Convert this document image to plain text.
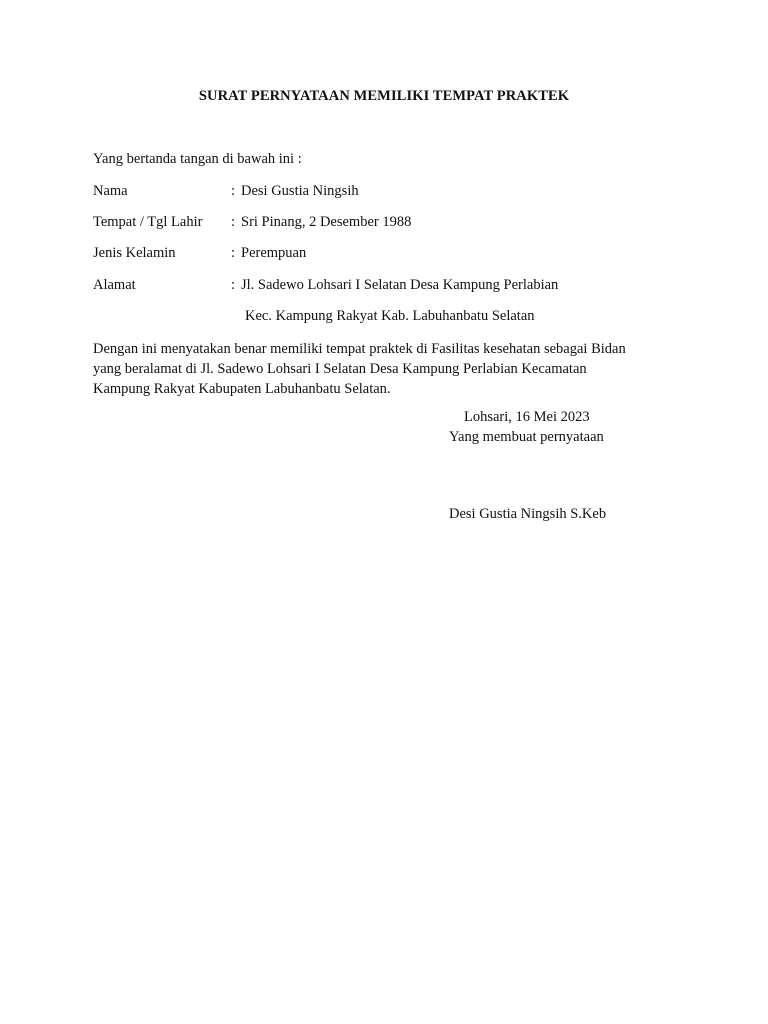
SURAT PERNYATAAN MEMILIKI TEMPAT PRAKTEK
Yang bertanda tangan di bawah ini :
Nama	: Desi Gustia Ningsih
Tempat / Tgl Lahir : Sri Pinang, 2 Desember 1988
Jenis Kelamin	: Perempuan
Alamat	: Jl. Sadewo Lohsari I Selatan Desa Kampung Perlabian
Kec. Kampung Rakyat Kab. Labuhanbatu Selatan
Dengan ini menyatakan benar memiliki tempat praktek di Fasilitas kesehatan sebagai Bidan
yang beralamat di Jl. Sadewo Lohsari I Selatan Desa Kampung Perlabian Kecamatan
Kampung Rakyat Kabupaten Labuhanbatu Selatan.
Lohsari, 16 Mei 2023
Yang membuat pernyataan
Desi Gustia Ningsih S.Keb
